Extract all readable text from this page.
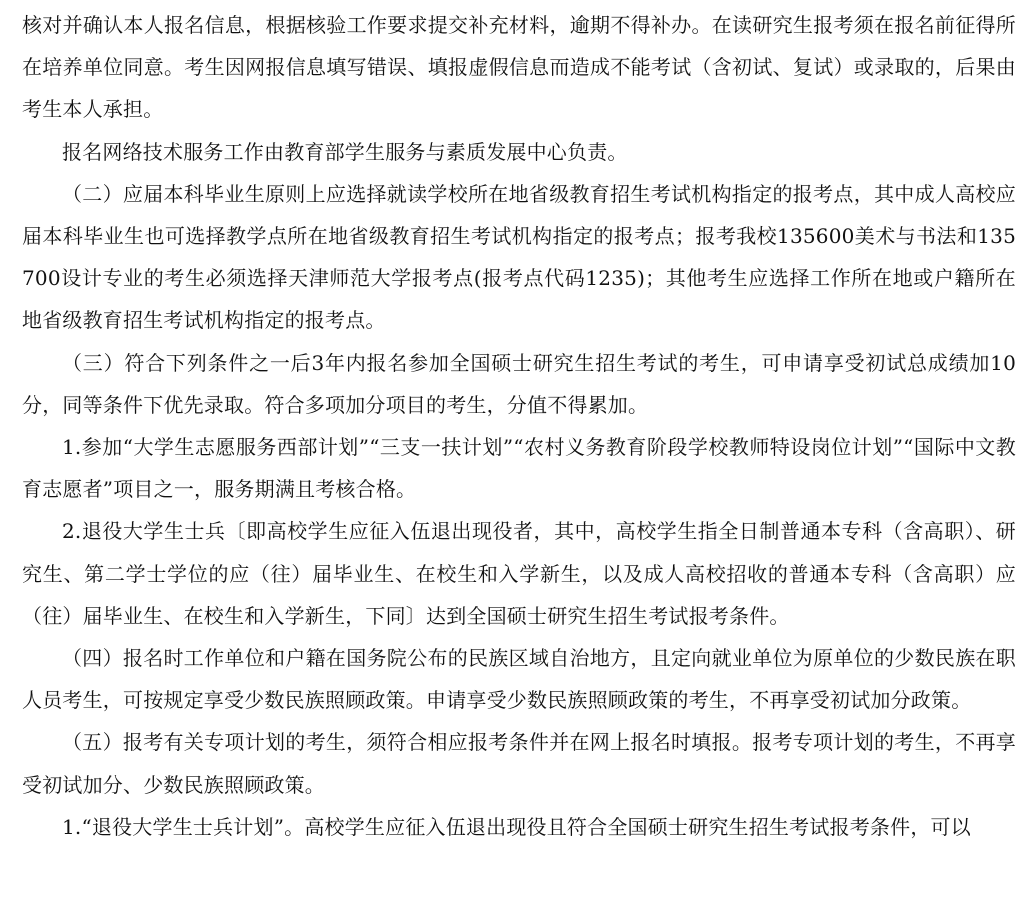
核对并确认本人报名信息，根据核验工作要求提交补充材料，逾期不得补办。在读研究生报考须在报名前征得所在培养单位同意。考生因网报信息填写错误、填报虚假信息而造成不能考试（含初试、复试）或录取的，后果由考生本人承担。

报名网络技术服务工作由教育部学生服务与素质发展中心负责。

（二）应届本科毕业生原则上应选择就读学校所在地省级教育招生考试机构指定的报考点，其中成人高校应届本科毕业生也可选择教学点所在地省级教育招生考试机构指定的报考点；报考我校135600美术与书法和135700设计专业的考生必须选择天津师范大学报考点(报考点代码1235)；其他考生应选择工作所在地或户籍所在地省级教育招生考试机构指定的报考点。

（三）符合下列条件之一后3年内报名参加全国硕士研究生招生考试的考生，可申请享受初试总成绩加10分，同等条件下优先录取。符合多项加分项目的考生，分值不得累加。

1.参加“大学生志愿服务西部计划”“三支一扶计划”“农村义务教育阶段学校教师特设岗位计划”“国际中文教育志愿者”项目之一，服务期满且考核合格。

2.退役大学生士兵〔即高校学生应征入伍退出现役者，其中，高校学生指全日制普通本专科（含高职）、研究生、第二学士学位的应（往）届毕业生、在校生和入学新生，以及成人高校招收的普通本专科（含高职）应（往）届毕业生、在校生和入学新生，下同〕达到全国硕士研究生招生考试报考条件。

（四）报名时工作单位和户籍在国务院公布的民族区域自治地方，且定向就业单位为原单位的少数民族在职人员考生，可按规定享受少数民族照顾政策。申请享受少数民族照顾政策的考生，不再享受初试加分政策。

（五）报考有关专项计划的考生，须符合相应报考条件并在网上报名时填报。报考专项计划的考生，不再享受初试加分、少数民族照顾政策。

1.“退役大学生士兵计划”。高校学生应征入伍退出现役且符合全国硕士研究生招生考试报考条件，可以
